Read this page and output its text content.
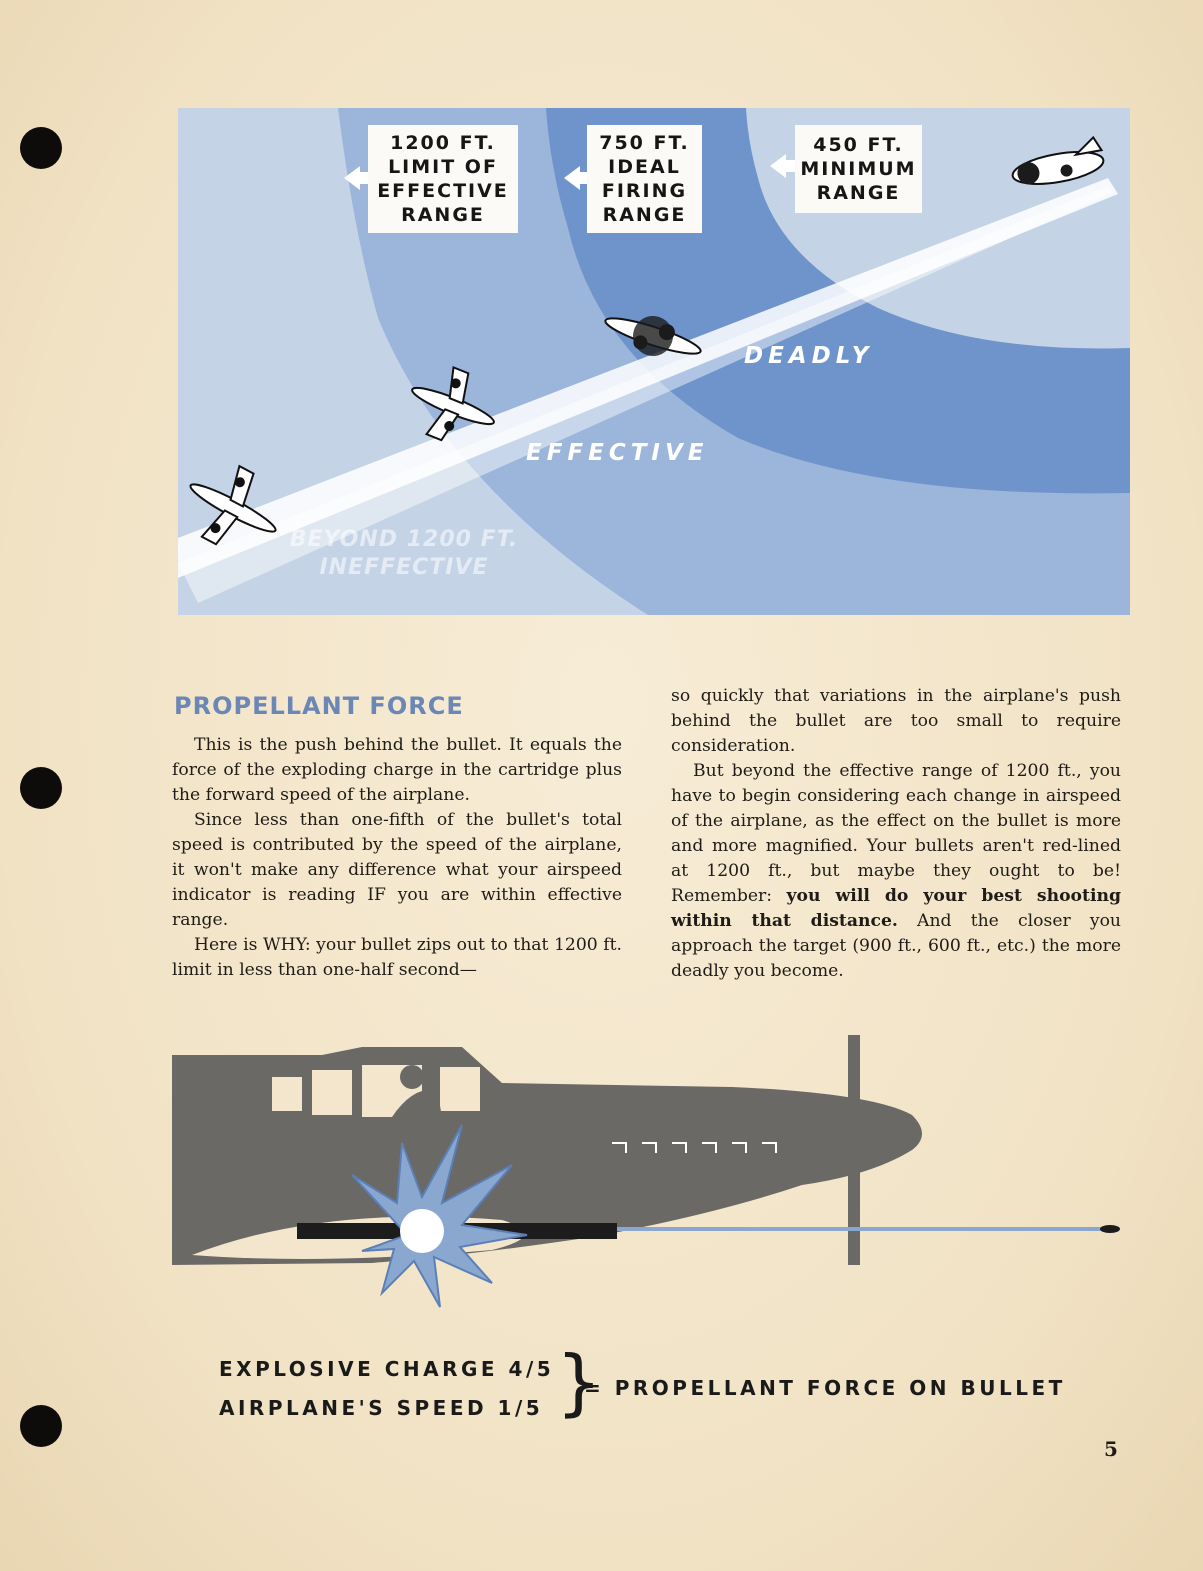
1200 FT.
LIMIT OF
EFFECTIVE
RANGE
750 FT.
IDEAL
FIRING
RANGE
450 FT.
MINIMUM
RANGE
DEADLY
EFFECTIVE
BEYOND 1200 FT.
INEFFECTIVE
PROPELLANT FORCE

This is the push behind the bullet. It equals the force of the exploding charge in the cartridge plus the forward speed of the airplane.

Since less than one-fifth of the bullet's total speed is contributed by the speed of the airplane, it won't make any difference what your airspeed indicator is reading IF you are within effective range.

Here is WHY: your bullet zips out to that 1200 ft. limit in less than one-half second—

so quickly that variations in the airplane's push behind the bullet are too small to require consideration.

But beyond the effective range of 1200 ft., you have to begin considering each change in airspeed of the airplane, as the effect on the bullet is more and more magnified. Your bullets aren't red-lined at 1200 ft., but maybe they ought to be! Remember: you will do your best shooting within that distance. And the closer you approach the target (900 ft., 600 ft., etc.) the more deadly you become.

EXPLOSIVE CHARGE 4/5
AIRPLANE'S SPEED 1/5 }
= PROPELLANT FORCE ON BULLET
5
